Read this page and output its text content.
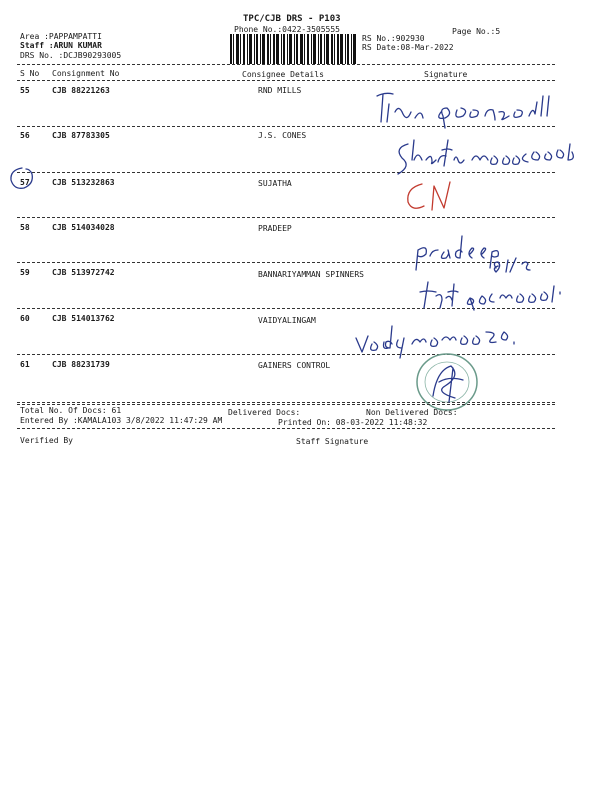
TPC/CJB DRS - P103
Phone No.:0422-3505555	Page No.:5
Area :PAPPAMPATTI
Staff :ARUN KUMAR
DRS No. :DCJB90293005
RS No.:902930
RS Date:08-Mar-2022
S No Consignment No	Consignee Details	Signature
55	CJB 88221263	RND MILLS
56	CJB 87783305	J.S. CONES
57	CJB 513232863	SUJATHA
58	CJB 514034028	PRADEEP
59	CJB 513972742	BANNARIYAMMAN SPINNERS
60	CJB 514013762	VAIDYALINGAM
61	CJB 88231739	GAINERS CONTROL
Total No. Of Docs: 61	Delivered Docs:	Non Delivered Docs:
Entered By :KAMALA103 3/8/2022 11:47:29 AM	Printed On: 08-03-2022 11:48:32
Verified By	Staff Signature
